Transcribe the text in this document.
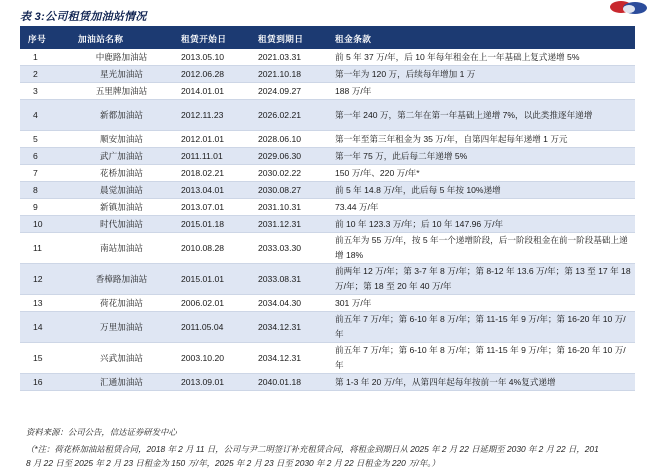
表 3:公司租赁加油站情况
序号	加油站名称	租赁开始日	租赁到期日	租金条款
1	中鹿路加油站	2013.05.10	2021.03.31	前 5 年 37 万/年，后 10 年每年租金在上一年基础上复式递增 5%
2	星光加油站	2012.06.28	2021.10.18	第一年为 120 万，后续每年增加 1 万
3	五里牌加油站	2014.01.01	2024.09.27	188 万/年
4	新都加油站	2012.11.23	2026.02.21	第一年 240 万，第二年在第一年基础上递增 7%，以此类推逐年递增
5	顺安加油站	2012.01.01	2028.06.10	第一年至第三年租金为 35 万/年，自第四年起每年递增 1 万元
6	武广加油站	2011.11.01	2029.06.30	第一年 75 万，此后每二年递增 5%
7	花桥加油站	2018.02.21	2030.02.22	150 万/年、220 万/年*
8	晨觉加油站	2013.04.01	2030.08.27	前 5 年 14.8 万/年，此后每 5 年按 10%递增
9	新镇加油站	2013.07.01	2031.10.31	73.44 万/年
10	时代加油站	2015.01.18	2031.12.31	前 10 年 123.3 万/年；后 10 年 147.96 万/年
11	南站加油站	2010.08.28	2033.03.30	前五年为 55 万/年，按 5 年一个递增阶段，后一阶段租金在前一阶段基础上递增 18%
12	香樟路加油站	2015.01.01	2033.08.31	前两年 12 万/年；第 3-7 年 8 万/年；第 8-12 年 13.6 万/年；第 13 至 17 年 18 万/年；第 18 至 20 年 40 万/年
13	荷花加油站	2006.02.01	2034.04.30	301 万/年
14	万里加油站	2011.05.04	2034.12.31	前五年 7 万/年；第 6-10 年 8 万/年；第 11-15 年 9 万/年；第 16-20 年 10 万/年
15	兴武加油站	2003.10.20	2034.12.31	前五年 7 万/年；第 6-10 年 8 万/年；第 11-15 年 9 万/年；第 16-20 年 10 万/年
16	汇通加油站	2013.09.01	2040.01.18	第 1-3 年 20 万/年，从第四年起每年按前一年 4%复式递增
资料来源：公司公告，信达证券研发中心
（*注：荷花桥加油站租赁合同，2018 年 2 月 11 日，公司与尹二明签订补充租赁合同，将租金到期日从 2025 年 2 月 22 日延期至 2030 年 2 月 22 日，201
8 月 22 日至 2025 年 2 月 23 日租金为 150 万/年，2025 年 2 月 23 日至 2030 年 2 月 22 日租金为 220 万/年。）
